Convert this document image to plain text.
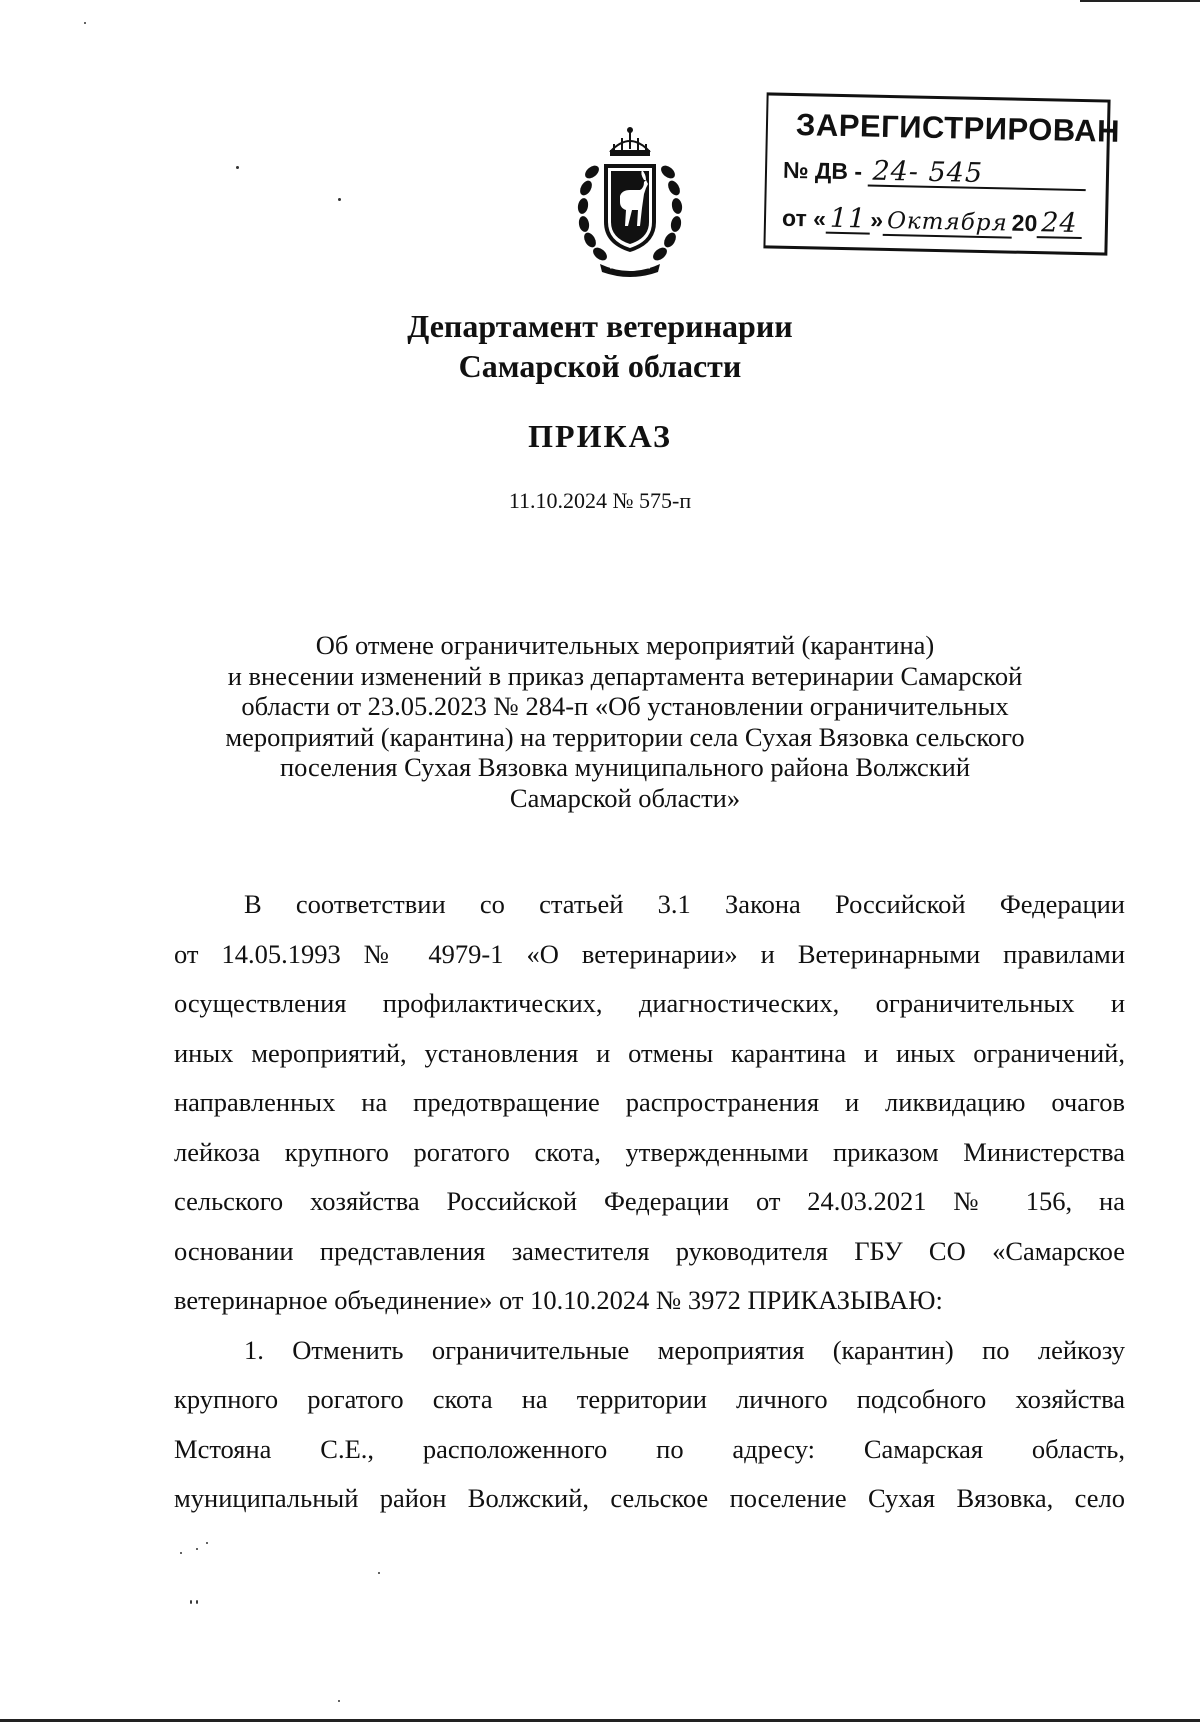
ЗАРЕГИСТРИРОВАН
№ ДВ - 24- 545
от « 11 » Октября 20 24
Департамент ветеринарии
Самарской области
ПРИКАЗ
11.10.2024 № 575-п
Об отмене ограничительных мероприятий (карантина)
и внесении изменений в приказ департамента ветеринарии Самарской
области от 23.05.2023 № 284-п «Об установлении ограничительных
мероприятий (карантина) на территории села Сухая Вязовка сельского
поселения Сухая Вязовка муниципального района Волжский
Самарской области»
В соответствии со статьей 3.1 Закона Российской Федерации
от 14.05.1993 № 4979-1 «О ветеринарии» и Ветеринарными правилами
осуществления профилактических, диагностических, ограничительных и
иных мероприятий, установления и отмены карантина и иных ограничений,
направленных на предотвращение распространения и ликвидацию очагов
лейкоза крупного рогатого скота, утвержденными приказом Министерства
сельского хозяйства Российской Федерации от 24.03.2021 № 156, на
основании представления заместителя руководителя ГБУ СО «Самарское
ветеринарное объединение» от 10.10.2024 № 3972 ПРИКАЗЫВАЮ:
1. Отменить ограничительные мероприятия (карантин) по лейкозу
крупного рогатого скота на территории личного подсобного хозяйства
Мстояна С.Е., расположенного по адресу: Самарская область,
муниципальный район Волжский, сельское поселение Сухая Вязовка, село
